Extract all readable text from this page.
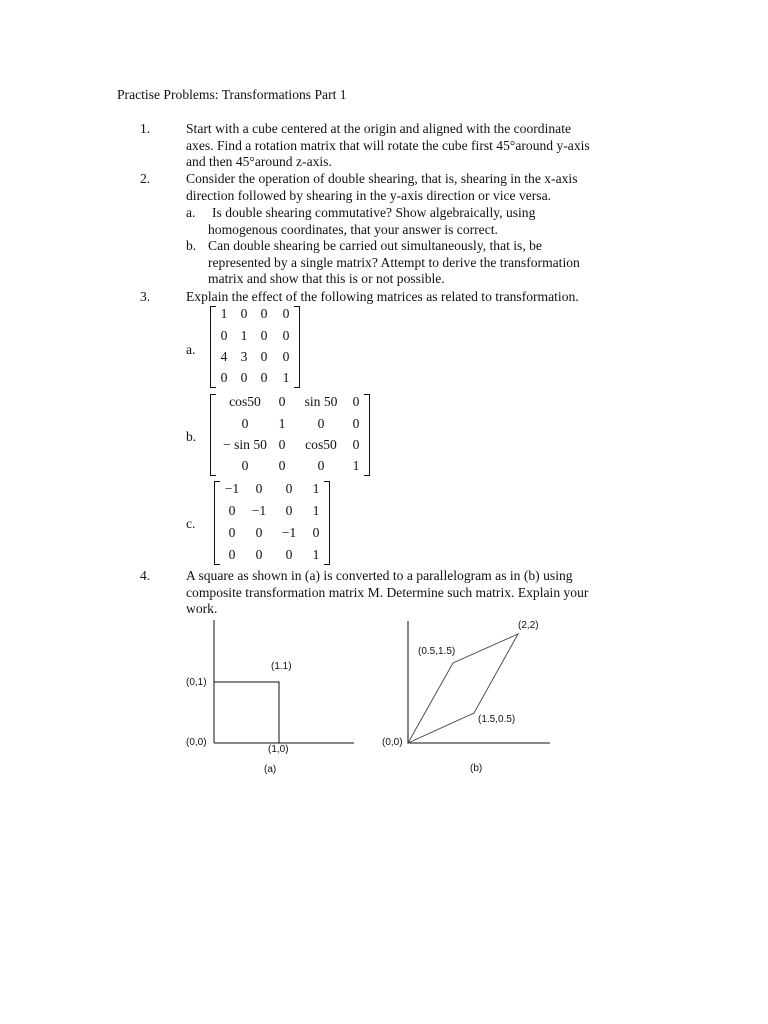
Practise Problems: Transformations Part 1
1.	Start with a cube centered at the origin and aligned with the coordinate
axes. Find a rotation matrix that will rotate the cube first 45°around y-axis
and then 45°around z-axis.
2.	Consider the operation of double shearing, that is, shearing in the x-axis
direction followed by shearing in the y-axis direction or vice versa.
a. Is double shearing commutative? Show algebraically, using
homogenous coordinates, that your answer is correct.
b. Can double shearing be carried out simultaneously, that is, be
represented by a single matrix? Attempt to derive the transformation
matrix and show that this is or not possible.
3.	Explain the effect of the following matrices as related to transformation.
a.
1 0 0	0
0 1 0	0
4 3 0	0
0 0 0	1
b.
cos50	0	sin 50	0
0	1	0	0
− sin 50 0	cos50	0
0	0	0	1
c.
−1	0	0	1
0	−1	0	1
0	0	−1	0
0	0	0	1
4.	A square as shown in (a) is converted to a parallelogram as in (b) using
composite transformation matrix M. Determine such matrix. Explain your
work.
(0,1)
(1.1)
(0,0)
(1,0)
(a)
(2,2)
(0.5,1.5)
(1.5,0.5)
(0,0)
(b)
